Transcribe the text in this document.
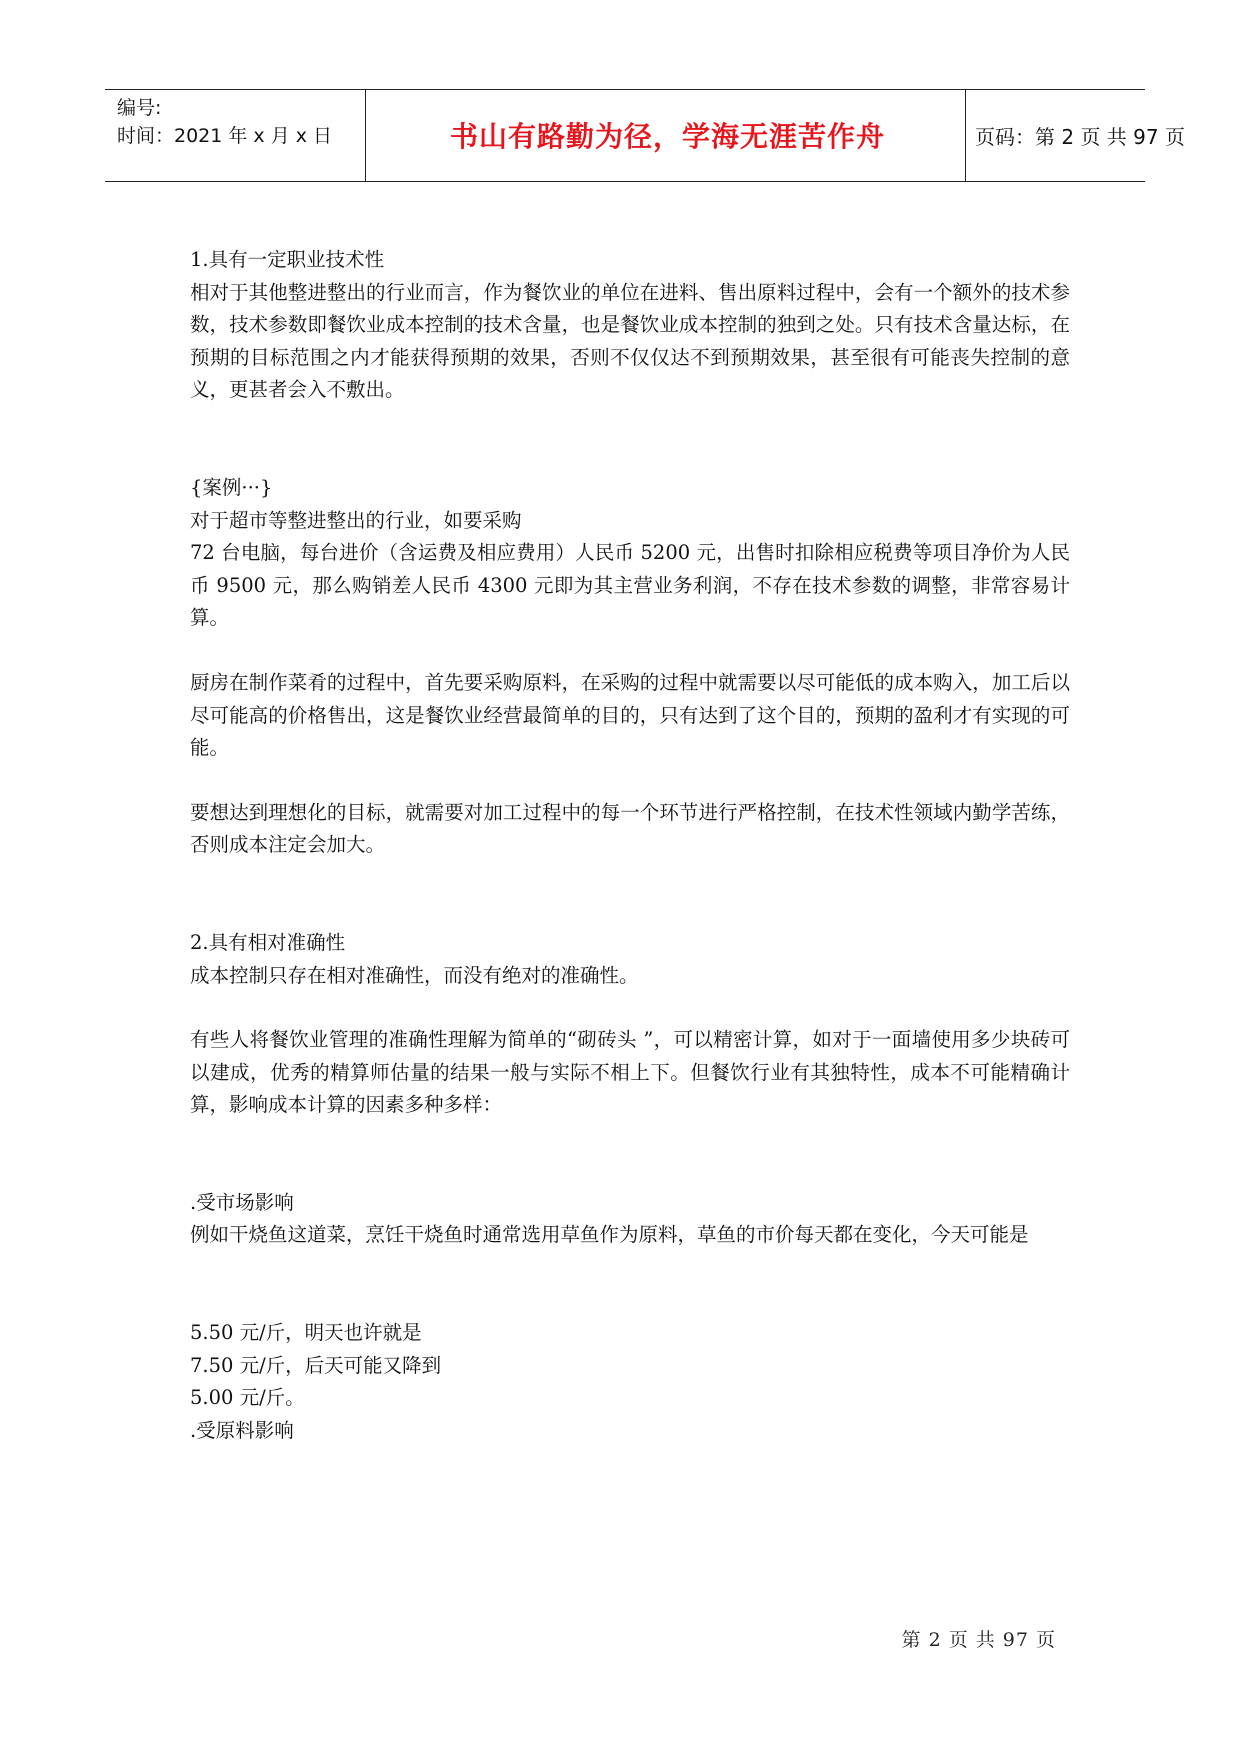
编号:
时间：2021 年 x 月 x 日	书山有路勤为径，学海无涯苦作舟	页码：第 2 页 共 97 页

1.具有一定职业技术性

相对于其他整进整出的行业而言，作为餐饮业的单位在进料、售出原料过程中，会有一个额外的技术参数，技术参数即餐饮业成本控制的技术含量，也是餐饮业成本控制的独到之处。只有技术含量达标，在预期的目标范围之内才能获得预期的效果，否则不仅仅达不到预期效果，甚至很有可能丧失控制的意义，更甚者会入不敷出。

{案例···}

对于超市等整进整出的行业，如要采购

72 台电脑，每台进价（含运费及相应费用）人民币 5200 元，出售时扣除相应税费等项目净价为人民币 9500 元，那么购销差人民币 4300 元即为其主营业务利润，不存在技术参数的调整，非常容易计算。

厨房在制作菜肴的过程中，首先要采购原料，在采购的过程中就需要以尽可能低的成本购入，加工后以尽可能高的价格售出，这是餐饮业经营最简单的目的，只有达到了这个目的，预期的盈利才有实现的可能。

要想达到理想化的目标，就需要对加工过程中的每一个环节进行严格控制，在技术性领域内勤学苦练，否则成本注定会加大。

2.具有相对准确性

成本控制只存在相对准确性，而没有绝对的准确性。

有些人将餐饮业管理的准确性理解为简单的“砌砖头 ”，可以精密计算，如对于一面墙使用多少块砖可以建成，优秀的精算师估量的结果一般与实际不相上下。但餐饮行业有其独特性，成本不可能精确计算，影响成本计算的因素多种多样：

.受市场影响

例如干烧鱼这道菜，烹饪干烧鱼时通常选用草鱼作为原料，草鱼的市价每天都在变化，今天可能是

5.50 元/斤，明天也许就是

7.50 元/斤，后天可能又降到

5.00 元/斤。

.受原料影响

第 2 页 共 97 页
